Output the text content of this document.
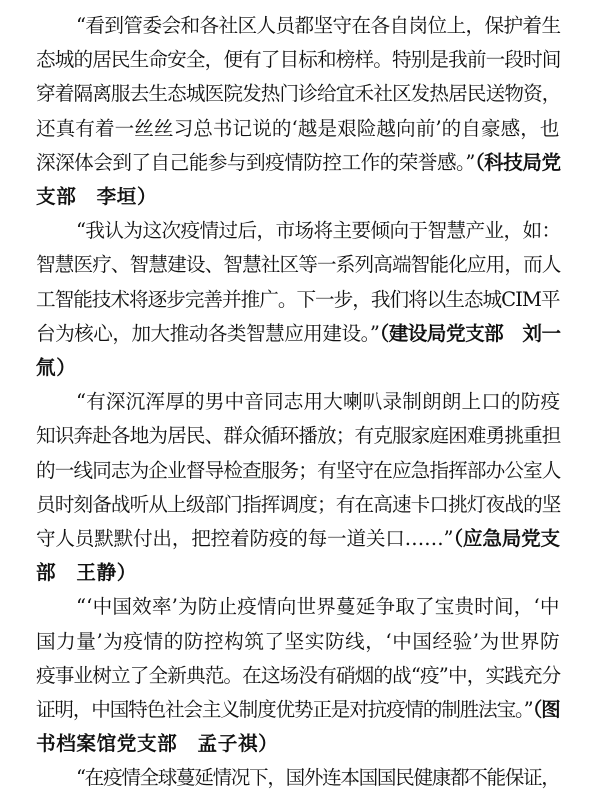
“看到管委会和各社区人员都坚守在各自岗位上，保护着生
态城的居民生命安全，便有了目标和榜样。特别是我前一段时间
穿着隔离服去生态城医院发热门诊给宜禾社区发热居民送物资，
还真有着一丝丝习总书记说的‘越是艰险越向前’的自豪感，也
深深体会到了自己能参与到疫情防控工作的荣誉感。”（科技局党
支部　李垣）
“我认为这次疫情过后，市场将主要倾向于智慧产业，如：
智慧医疗、智慧建设、智慧社区等一系列高端智能化应用，而人
工智能技术将逐步完善并推广。下一步，我们将以生态城CIM平
台为核心，加大推动各类智慧应用建设。”（建设局党支部　刘一
氚）
“有深沉浑厚的男中音同志用大喇叭录制朗朗上口的防疫
知识奔赴各地为居民、群众循环播放；有克服家庭困难勇挑重担
的一线同志为企业督导检查服务；有坚守在应急指挥部办公室人
员时刻备战听从上级部门指挥调度；有在高速卡口挑灯夜战的坚
守人员默默付出，把控着防疫的每一道关口……”（应急局党支
部　王静）
“‘中国效率’为防止疫情向世界蔓延争取了宝贵时间，‘中
国力量’为疫情的防控构筑了坚实防线，‘中国经验’为世界防
疫事业树立了全新典范。在这场没有硝烟的战“疫”中，实践充分
证明，中国特色社会主义制度优势正是对抗疫情的制胜法宝。”（图
书档案馆党支部　孟子祺）
“在疫情全球蔓延情况下，国外连本国国民健康都不能保证，
